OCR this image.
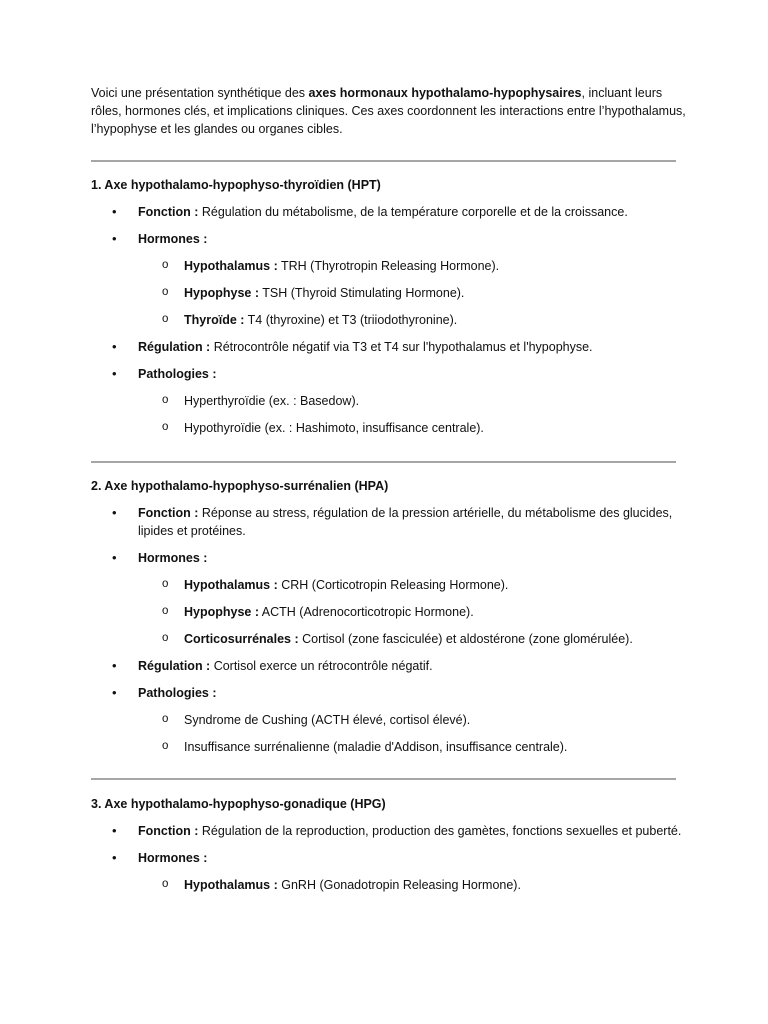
Voici une présentation synthétique des axes hormonaux hypothalamo-hypophysaires, incluant leurs rôles, hormones clés, et implications cliniques. Ces axes coordonnent les interactions entre l’hypothalamus, l’hypophyse et les glandes ou organes cibles.

1. Axe hypothalamo-hypophyso-thyroïdien (HPT)
• Fonction : Régulation du métabolisme, de la température corporelle et de la croissance.
• Hormones :
o Hypothalamus : TRH (Thyrotropin Releasing Hormone).
o Hypophyse : TSH (Thyroid Stimulating Hormone).
o Thyroïde : T4 (thyroxine) et T3 (triiodothyronine).
• Régulation : Rétrocontrôle négatif via T3 et T4 sur l'hypothalamus et l'hypophyse.
• Pathologies :
o Hyperthyroïdie (ex. : Basedow).
o Hypothyroïdie (ex. : Hashimoto, insuffisance centrale).
2. Axe hypothalamo-hypophyso-surrénalien (HPA)
• Fonction : Réponse au stress, régulation de la pression artérielle, du métabolisme des glucides, lipides et protéines.
• Hormones :
o Hypothalamus : CRH (Corticotropin Releasing Hormone).
o Hypophyse : ACTH (Adrenocorticotropic Hormone).
o Corticosurrénales : Cortisol (zone fasciculée) et aldostérone (zone glomérulée).
• Régulation : Cortisol exerce un rétrocontrôle négatif.
• Pathologies :
o Syndrome de Cushing (ACTH élevé, cortisol élevé).
o Insuffisance surrénalienne (maladie d'Addison, insuffisance centrale).
3. Axe hypothalamo-hypophyso-gonadique (HPG)
• Fonction : Régulation de la reproduction, production des gamètes, fonctions sexuelles et puberté.
• Hormones :
o Hypothalamus : GnRH (Gonadotropin Releasing Hormone).
